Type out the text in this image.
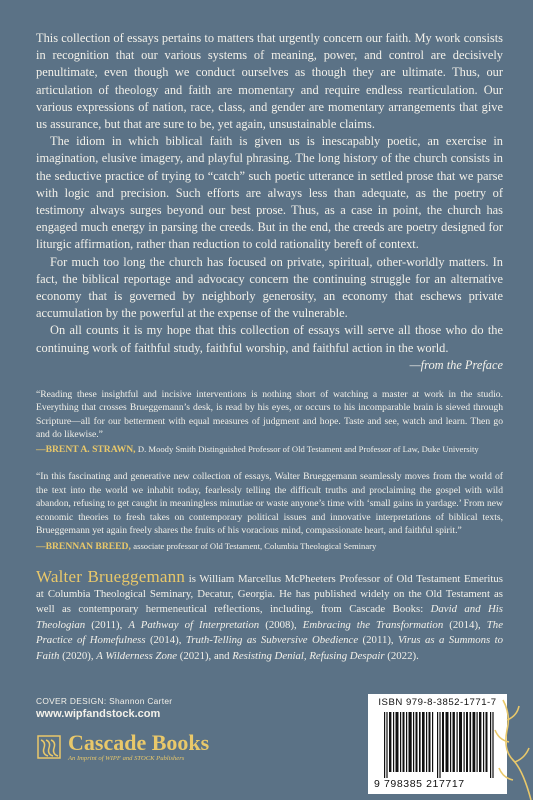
This collection of essays pertains to matters that urgently concern our faith. My work consists in recognition that our various systems of meaning, power, and control are decisively penultimate, even though we conduct ourselves as though they are ultimate. Thus, our articulation of theology and faith are momentary and require endless rearticulation. Our various expressions of nation, race, class, and gender are momentary arrangements that give us assurance, but that are sure to be, yet again, unsustainable claims.

The idiom in which biblical faith is given us is inescapably poetic, an exercise in imagination, elusive imagery, and playful phrasing. The long history of the church consists in the seductive practice of trying to “catch” such poetic utterance in settled prose that we parse with logic and precision. Such efforts are always less than adequate, as the poetry of testimony always surges beyond our best prose. Thus, as a case in point, the church has engaged much energy in parsing the creeds. But in the end, the creeds are poetry designed for liturgic affirmation, rather than reduction to cold rationality bereft of context.

For much too long the church has focused on private, spiritual, other-worldly matters. In fact, the biblical reportage and advocacy concern the continuing struggle for an alternative economy that is governed by neighborly generosity, an economy that eschews private accumulation by the powerful at the expense of the vulnerable.

On all counts it is my hope that this collection of essays will serve all those who do the continuing work of faithful study, faithful worship, and faithful action in the world.

—from the Preface
“Reading these insightful and incisive interventions is nothing short of watching a master at work in the studio. Everything that crosses Brueggemann’s desk, is read by his eyes, or occurs to his incomparable brain is sieved through Scripture—all for our betterment with equal measures of judgment and hope. Taste and see, watch and learn. Then go and do likewise.”
—BRENT A. STRAWN, D. Moody Smith Distinguished Professor of Old Testament and Professor of Law, Duke University
“In this fascinating and generative new collection of essays, Walter Brueggemann seamlessly moves from the world of the text into the world we inhabit today, fearlessly telling the difficult truths and proclaiming the gospel with wild abandon, refusing to get caught in meaningless minutiae or waste anyone’s time with ‘small gains in yardage.’ From new economic theories to fresh takes on contemporary political issues and innovative interpretations of biblical texts, Brueggemann yet again freely shares the fruits of his voracious mind, compassionate heart, and faithful spirit.”
—BRENNAN BREED, associate professor of Old Testament, Columbia Theological Seminary
Walter Brueggemann is William Marcellus McPheeters Professor of Old Testament Emeritus at Columbia Theological Seminary, Decatur, Georgia. He has published widely on the Old Testament as well as contemporary hermeneutical reflections, including, from Cascade Books: David and His Theologian (2011), A Pathway of Interpretation (2008), Embracing the Transformation (2014), The Practice of Homefulness (2014), Truth-Telling as Subversive Obedience (2011), Virus as a Summons to Faith (2020), A Wilderness Zone (2021), and Resisting Denial, Refusing Despair (2022).
COVER DESIGN: Shannon Carter
www.wipfandstock.com
Cascade Books
An Imprint of WIPF and STOCK Publishers
ISBN 979-8-3852-1771-7
9 798385 217717
